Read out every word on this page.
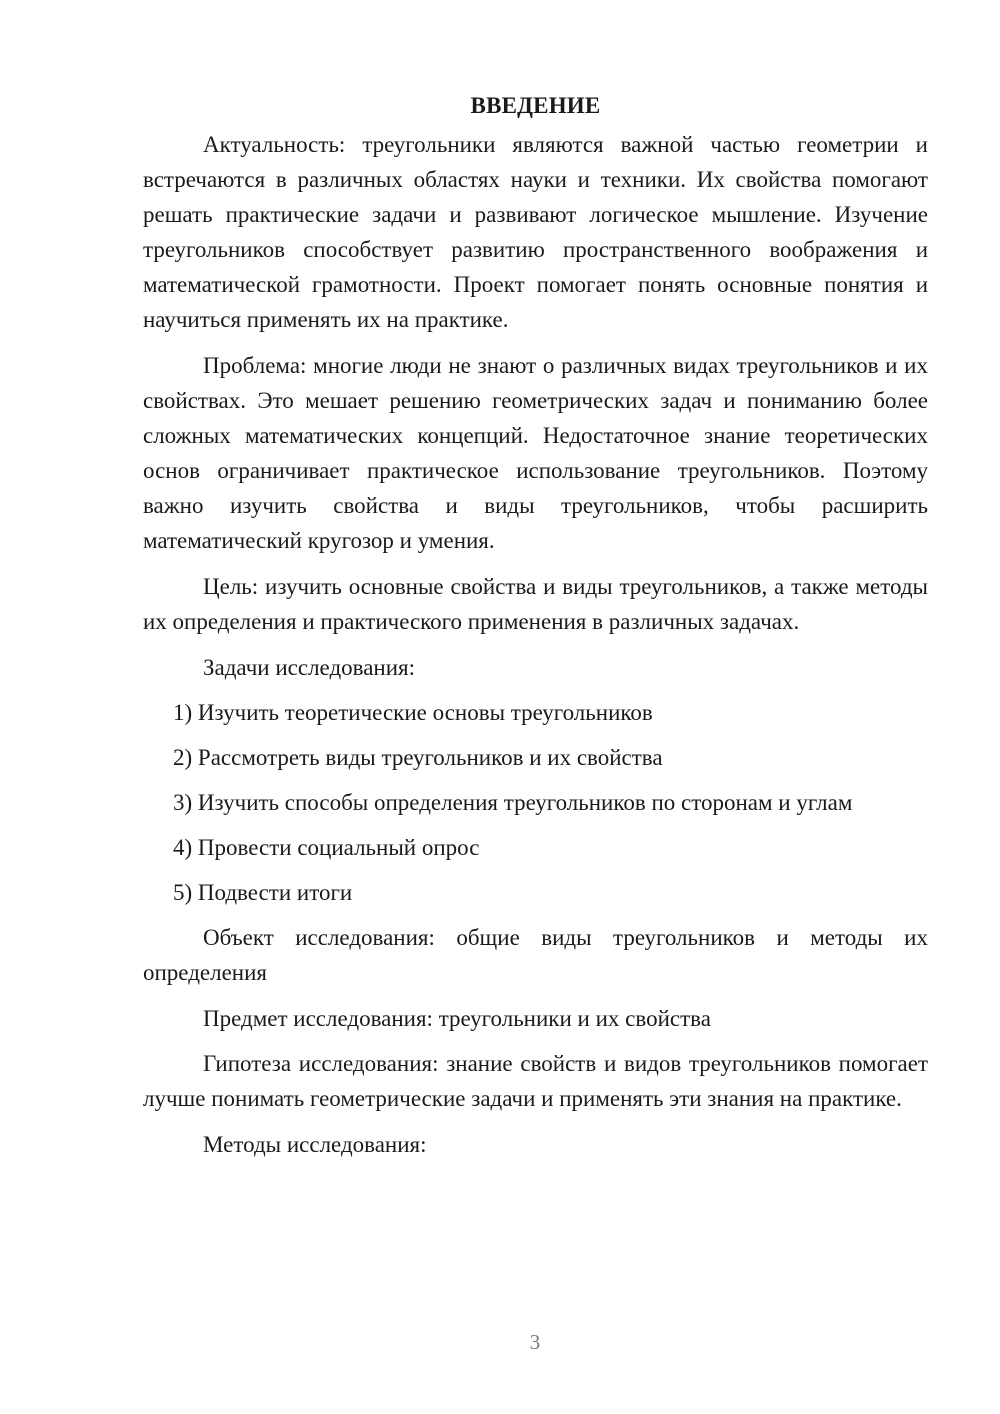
ВВЕДЕНИЕ

Актуальность: треугольники являются важной частью геометрии и встречаются в различных областях науки и техники. Их свойства помогают решать практические задачи и развивают логическое мышление. Изучение треугольников способствует развитию пространственного воображения и математической грамотности. Проект помогает понять основные понятия и научиться применять их на практике.

Проблема: многие люди не знают о различных видах треугольников и их свойствах. Это мешает решению геометрических задач и пониманию более сложных математических концепций. Недостаточное знание теоретических основ ограничивает практическое использование треугольников. Поэтому важно изучить свойства и виды треугольников, чтобы расширить математический кругозор и умения.

Цель: изучить основные свойства и виды треугольников, а также методы их определения и практического применения в различных задачах.

Задачи исследования:

1) Изучить теоретические основы треугольников

2) Рассмотреть виды треугольников и их свойства

3) Изучить способы определения треугольников по сторонам и углам

4) Провести социальный опрос

5) Подвести итоги

Объект исследования: общие виды треугольников и методы их определения

Предмет исследования: треугольники и их свойства

Гипотеза исследования: знание свойств и видов треугольников помогает лучше понимать геометрические задачи и применять эти знания на практике.

Методы исследования:

3
